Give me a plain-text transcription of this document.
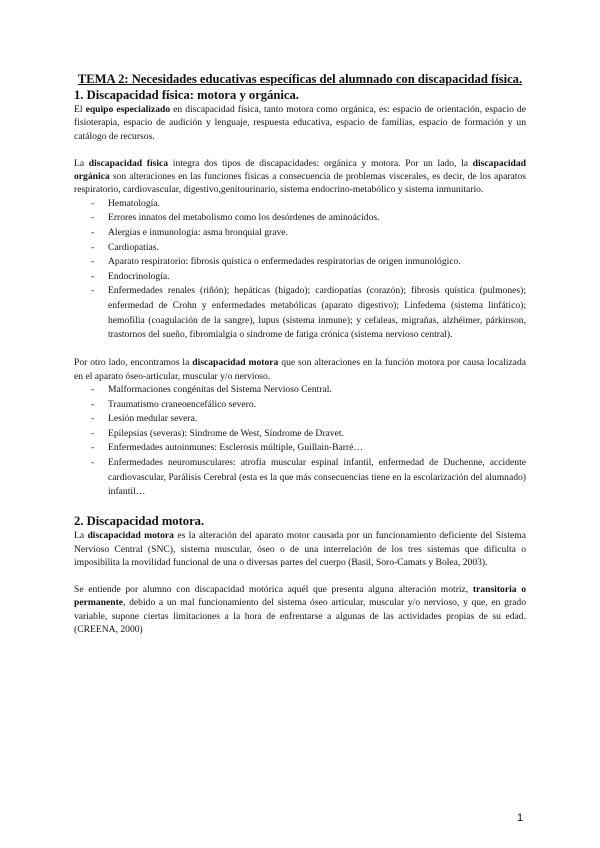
TEMA 2: Necesidades educativas específicas del alumnado con discapacidad física.
1. Discapacidad física: motora y orgánica.

El equipo especializado en discapacidad física, tanto motora como orgánica, es: espacio de orientación, espacio de fisioterapia, espacio de audición y lenguaje, respuesta educativa, espacio de familias, espacio de formación y un catálogo de recursos.

La discapacidad física integra dos tipos de discapacidades: orgánica y motora. Por un lado, la discapacidad orgánica son alteraciones en las funciones físicas a consecuencia de problemas viscerales, es decir, de los aparatos respiratorio, cardiovascular, digestivo,genitourinario, sistema endocrino-metabólico y sistema inmunitario.

- Hematología.
- Errores innatos del metabolismo como los desórdenes de aminoácidos.
- Alergias e inmunología: asma bronquial grave.
- Cardiopatías.
- Aparato respiratorio: fibrosis quística o enfermedades respiratorias de origen inmunológico.
- Endocrinología.
- Enfermedades renales (riñón); hepáticas (hígado); cardiopatías (corazón); fibrosis quística (pulmones); enfermedad de Crohn y enfermedades metabólicas (aparato digestivo); Linfedema (sistema linfático); hemofilia (coagulación de la sangre), lupus (sistema inmune); y cefaleas, migrañas, alzhéimer, párkinson, trastornos del sueño, fibromialgia o síndrome de fatiga crónica (sistema nervioso central).

Por otro lado, encontramos la discapacidad motora que son alteraciones en la función motora por causa localizada en el aparato óseo-articular, muscular y/o nervioso.

- Malformaciones congénitas del Sistema Nervioso Central.
- Traumatismo craneoencefálico severo.
- Lesión medular severa.
- Epilepsias (severas): Síndrome de West, Síndrome de Dravet.
- Enfermedades autoinmunes: Esclerosis múltiple, Guillain-Barré…
- Enfermedades neuromusculares: atrofia muscular espinal infantil, enfermedad de Duchenne, accidente cardiovascular, Parálisis Cerebral (esta es la que más consecuencias tiene en la escolarización del alumnado) infantil…
2. Discapacidad motora.

La discapacidad motora es la alteración del aparato motor causada por un funcionamiento deficiente del Sistema Nervioso Central (SNC), sistema muscular, óseo o de una interrelación de los tres sistemas que dificulta o imposibilita la movilidad funcional de una o diversas partes del cuerpo (Basil, Soro-Camats y Bolea, 2003).

Se entiende por alumno con discapacidad motórica aquél que presenta alguna alteración motriz, transitoria o permanente, debido a un mal funcionamiento del sistema óseo articular, muscular y/o nervioso, y que, en grado variable, supone ciertas limitaciones a la hora de enfrentarse a algunas de las actividades propias de su edad. (CREENA, 2000)

1
